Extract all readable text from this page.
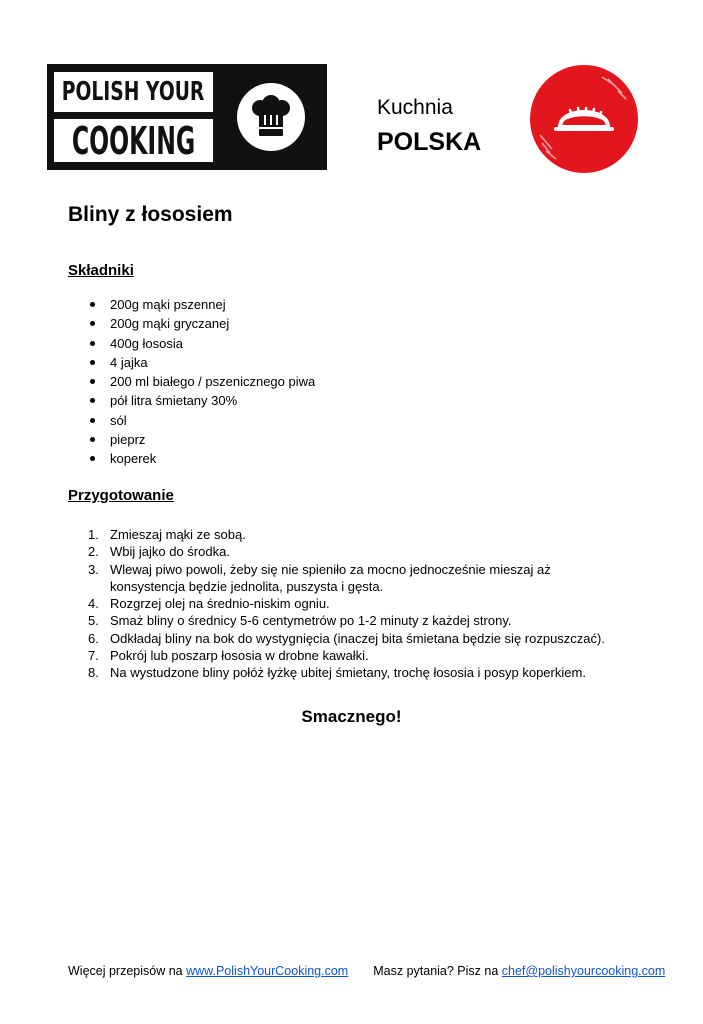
POLISH YOUR
COOKING
Kuchnia
POLSKA
Bliny z łososiem
Składniki
200g mąki pszennej
200g mąki gryczanej
400g łososia
4 jajka
200 ml białego / pszenicznego piwa
pół litra śmietany 30%
sól
pieprz
koperek
Przygotowanie
1. Zmieszaj mąki ze sobą.
2. Wbij jajko do środka.
3. Wlewaj piwo powoli, żeby się nie spieniło za mocno jednocześnie mieszaj aż konsystencja będzie jednolita, puszysta i gęsta.
4. Rozgrzej olej na średnio-niskim ogniu.
5. Smaż bliny o średnicy 5-6 centymetrów po 1-2 minuty z każdej strony.
6. Odkładaj bliny na bok do wystygnięcia (inaczej bita śmietana będzie się rozpuszczać).
7. Pokrój lub poszarp łososia w drobne kawałki.
8. Na wystudzone bliny połóż łyżkę ubitej śmietany, trochę łososia i posyp koperkiem.
Smacznego!
Więcej przepisów na www.PolishYourCooking.com Masz pytania? Pisz na chef@polishyourcooking.com
